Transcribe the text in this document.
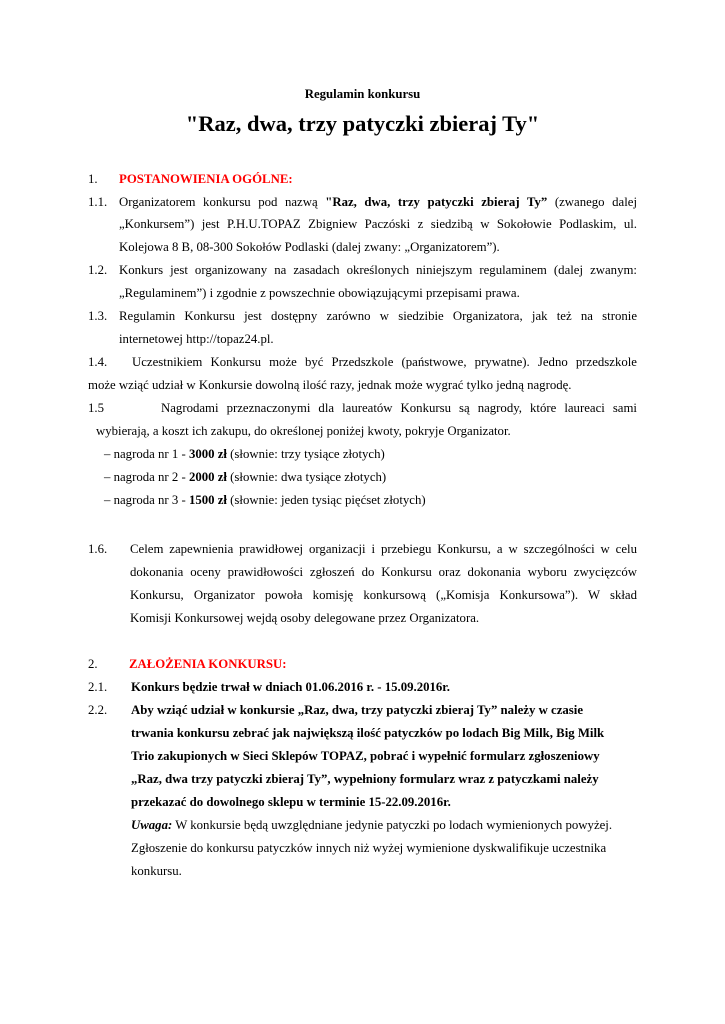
Regulamin konkursu
"Raz, dwa, trzy patyczki zbieraj Ty"
1. POSTANOWIENIA OGÓLNE:
1.1. Organizatorem konkursu pod nazwą "Raz, dwa, trzy patyczki zbieraj Ty” (zwanego dalej
„Konkursem”) jest P.H.U.TOPAZ Zbigniew Paczóski z siedzibą w Sokołowie Podlaskim, ul.
Kolejowa 8 B, 08-300 Sokołów Podlaski (dalej zwany: „Organizatorem”).
1.2. Konkurs jest organizowany na zasadach określonych niniejszym regulaminem (dalej zwanym:
„Regulaminem”) i zgodnie z powszechnie obowiązującymi przepisami prawa.
1.3. Regulamin Konkursu jest dostępny zarówno w siedzibie Organizatora, jak też na stronie
internetowej http://topaz24.pl.
1.4. Uczestnikiem Konkursu może być Przedszkole (państwowe, prywatne). Jedno przedszkole
może wziąć udział w Konkursie dowolną ilość razy, jednak może wygrać tylko jedną nagrodę.
1.5	Nagrodami przeznaczonymi dla laureatów Konkursu są nagrody, które laureaci sami
wybierają, a koszt ich zakupu, do określonej poniżej kwoty, pokryje Organizator.
– nagroda nr 1 - 3000 zł (słownie: trzy tysiące złotych)
– nagroda nr 2 - 2000 zł (słownie: dwa tysiące złotych)
– nagroda nr 3 - 1500 zł (słownie: jeden tysiąc pięćset złotych)
1.6. Celem zapewnienia prawidłowej organizacji i przebiegu Konkursu, a w szczególności w celu
dokonania oceny prawidłowości zgłoszeń do Konkursu oraz dokonania wyboru zwycięzców
Konkursu, Organizator powoła komisję konkursową („Komisja Konkursowa”). W skład
Komisji Konkursowej wejdą osoby delegowane przez Organizatora.
2. ZAŁOŻENIA KONKURSU:
2.1. Konkurs będzie trwał w dniach 01.06.2016 r. - 15.09.2016r.
2.2. Aby wziąć udział w konkursie „Raz, dwa, trzy patyczki zbieraj Ty” należy w czasie
trwania konkursu zebrać jak największą ilość patyczków po lodach Big Milk, Big Milk
Trio zakupionych w Sieci Sklepów TOPAZ, pobrać i wypełnić formularz zgłoszeniowy
„Raz, dwa trzy patyczki zbieraj Ty”, wypełniony formularz wraz z patyczkami należy
przekazać do dowolnego sklepu w terminie 15-22.09.2016r.
Uwaga: W konkursie będą uwzględniane jedynie patyczki po lodach wymienionych powyżej.
Zgłoszenie do konkursu patyczków innych niż wyżej wymienione dyskwalifikuje uczestnika
konkursu.
